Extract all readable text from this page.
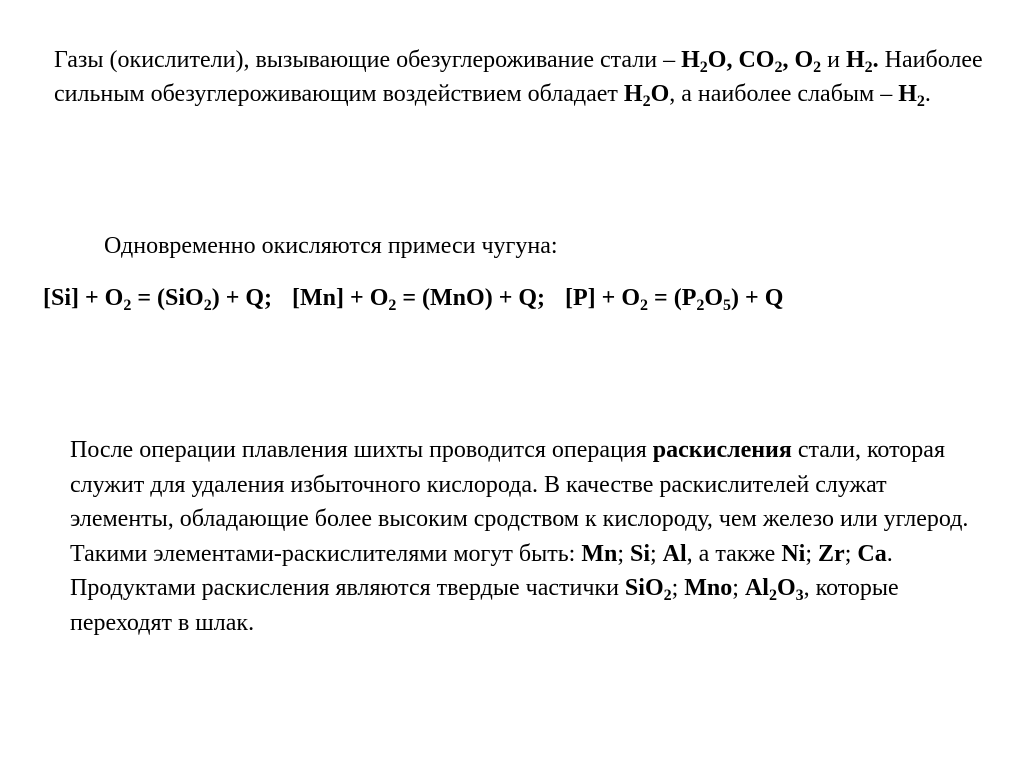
Газы (окислители), вызывающие обезуглероживание стали – $H_2O$, $CO_2$, $O_2$ и $H_2$. Наиболее сильным обезуглероживающим воздействием обладает $H_2O$, а наиболее слабым – $H_2$.

Одновременно окисляются примеси чугуна:

$[Si] + O_2 = (SiO_2) + Q$; $[Mn] + O_2 = (MnO) + Q$; $[P] + O_2 = (P_2O_5) + Q$

После операции плавления шихты проводится операция раскисления стали, которая служит для удаления избыточного кислорода. В качестве раскислителей служат элементы, обладающие более высоким сродством к кислороду, чем железо или углерод. Такими элементами-раскислителями могут быть: Mn; Si; Al, а также Ni; Zr; Ca. Продуктами раскисления являются твердые частички SiO$_2$; Mno; $Al_2O_3$, которые переходят в шлак.
